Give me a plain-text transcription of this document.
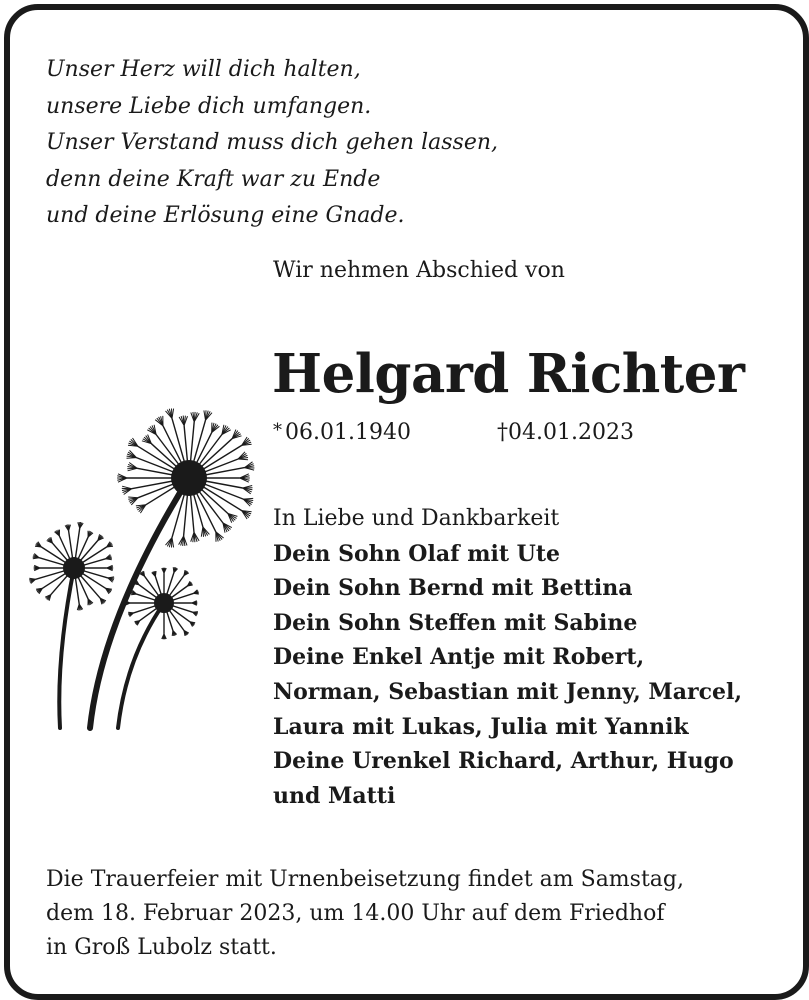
Unser Herz will dich halten,
unsere Liebe dich umfangen.
Unser Verstand muss dich gehen lassen,
denn deine Kraft war zu Ende
und deine Erlösung eine Gnade.
Wir nehmen Abschied von
Helgard Richter
* 06.01.1940	†04.01.2023
In Liebe und Dankbarkeit
Dein Sohn Olaf mit Ute
Dein Sohn Bernd mit Bettina
Dein Sohn Steffen mit Sabine
Deine Enkel Antje mit Robert,
Norman, Sebastian mit Jenny, Marcel,
Laura mit Lukas, Julia mit Yannik
Deine Urenkel Richard, Arthur, Hugo
und Matti
Die Trauerfeier mit Urnenbeisetzung findet am Samstag,
dem 18. Februar 2023, um 14.00 Uhr auf dem Friedhof
in Groß Lubolz statt.
